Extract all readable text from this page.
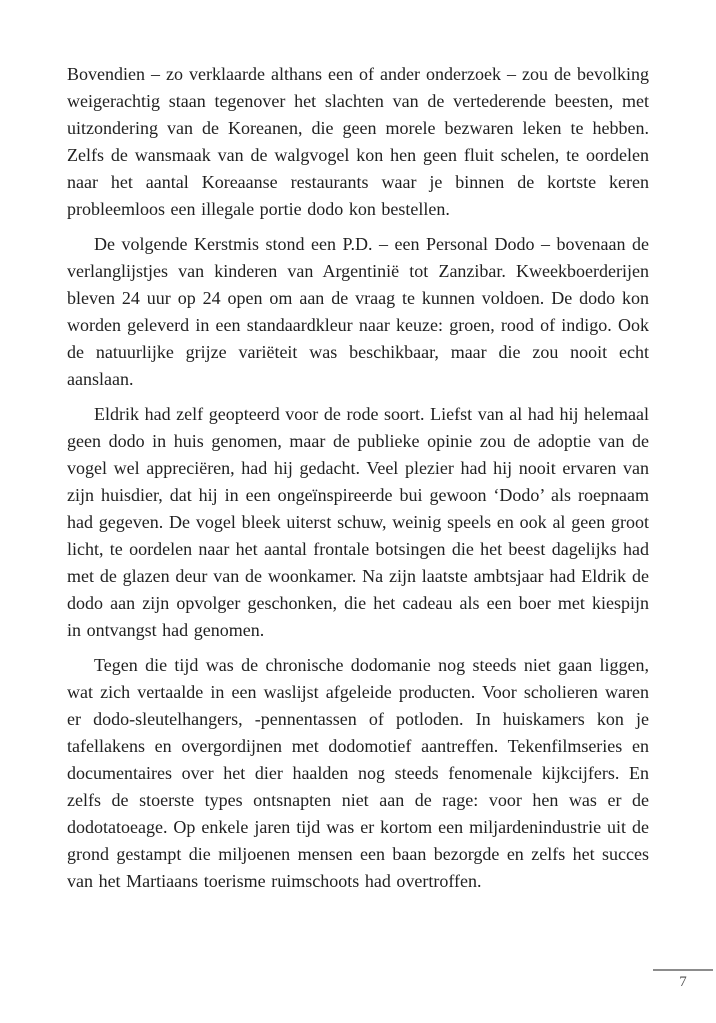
Bovendien – zo verklaarde althans een of ander onderzoek – zou de bevolking weigerachtig staan tegenover het slachten van de vertederende beesten, met uitzondering van de Koreanen, die geen morele bezwaren leken te hebben. Zelfs de wansmaak van de walgvogel kon hen geen fluit schelen, te oordelen naar het aantal Koreaanse restaurants waar je binnen de kortste keren probleemloos een illegale portie dodo kon bestellen.

De volgende Kerstmis stond een P.D. – een Personal Dodo – bovenaan de verlanglijstjes van kinderen van Argentinië tot Zanzibar. Kweekboerderijen bleven 24 uur op 24 open om aan de vraag te kunnen voldoen. De dodo kon worden geleverd in een standaardkleur naar keuze: groen, rood of indigo. Ook de natuurlijke grijze variëteit was beschikbaar, maar die zou nooit echt aanslaan.

Eldrik had zelf geopteerd voor de rode soort. Liefst van al had hij helemaal geen dodo in huis genomen, maar de publieke opinie zou de adoptie van de vogel wel appreciëren, had hij gedacht. Veel plezier had hij nooit ervaren van zijn huisdier, dat hij in een ongeïnspireerde bui gewoon ‘Dodo’ als roepnaam had gegeven. De vogel bleek uiterst schuw, weinig speels en ook al geen groot licht, te oordelen naar het aantal frontale botsingen die het beest dagelijks had met de glazen deur van de woonkamer. Na zijn laatste ambtsjaar had Eldrik de dodo aan zijn opvolger geschonken, die het cadeau als een boer met kiespijn in ontvangst had genomen.

Tegen die tijd was de chronische dodomanie nog steeds niet gaan liggen, wat zich vertaalde in een waslijst afgeleide producten. Voor scholieren waren er dodo-sleutelhangers, -pennentassen of potloden. In huiskamers kon je tafellakens en overgordijnen met dodomotief aantreffen. Tekenfilmseries en documentaires over het dier haalden nog steeds fenomenale kijkcijfers. En zelfs de stoerste types ontsnapten niet aan de rage: voor hen was er de dodotatoeage. Op enkele jaren tijd was er kortom een miljardenindustrie uit de grond gestampt die miljoenen mensen een baan bezorgde en zelfs het succes van het Martiaans toerisme ruimschoots had overtroffen.

7
